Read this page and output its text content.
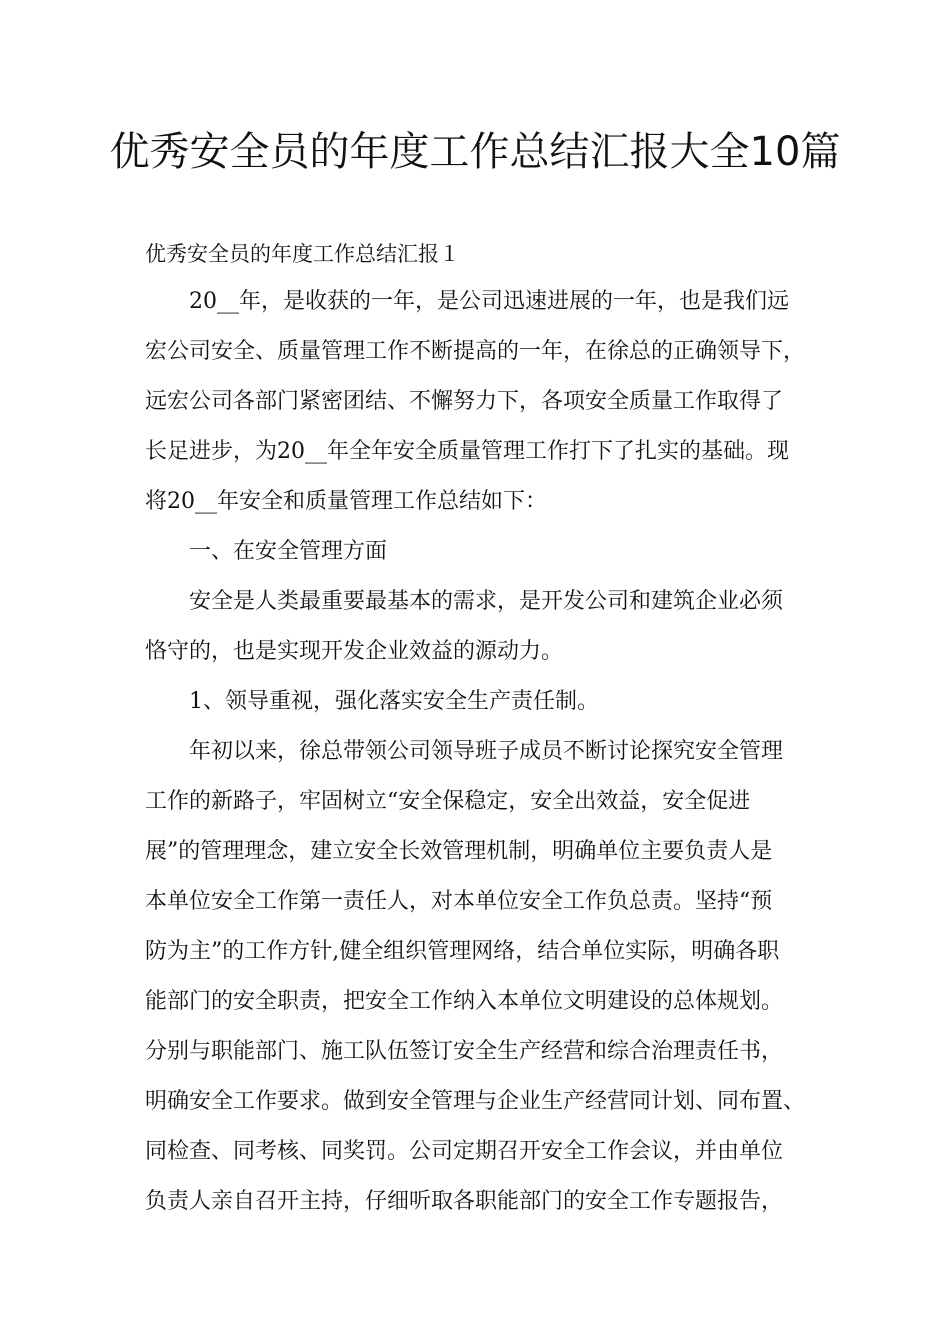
优秀安全员的年度工作总结汇报大全10篇

优秀安全员的年度工作总结汇报１

　　20__年，是收获的一年，是公司迅速进展的一年，也是我们远

宏公司安全、质量管理工作不断提高的一年，在徐总的正确领导下，

远宏公司各部门紧密团结、不懈努力下，各项安全质量工作取得了

长足进步，为20__年全年安全质量管理工作打下了扎实的基础。现

将20__年安全和质量管理工作总结如下：

　　一、在安全管理方面

　　安全是人类最重要最基本的需求，是开发公司和建筑企业必须

恪守的，也是实现开发企业效益的源动力。

　　1、领导重视，强化落实安全生产责任制。

　　年初以来，徐总带领公司领导班子成员不断讨论探究安全管理

工作的新路子，牢固树立“安全保稳定，安全出效益，安全促进

展”的管理理念，建立安全长效管理机制，明确单位主要负责人是

本单位安全工作第一责任人，对本单位安全工作负总责。坚持“预

防为主”的工作方针,健全组织管理网络，结合单位实际，明确各职

能部门的安全职责，把安全工作纳入本单位文明建设的总体规划。

分别与职能部门、施工队伍签订安全生产经营和综合治理责任书，

明确安全工作要求。做到安全管理与企业生产经营同计划、同布置、

同检查、同考核、同奖罚。公司定期召开安全工作会议，并由单位

负责人亲自召开主持，仔细听取各职能部门的安全工作专题报告，
